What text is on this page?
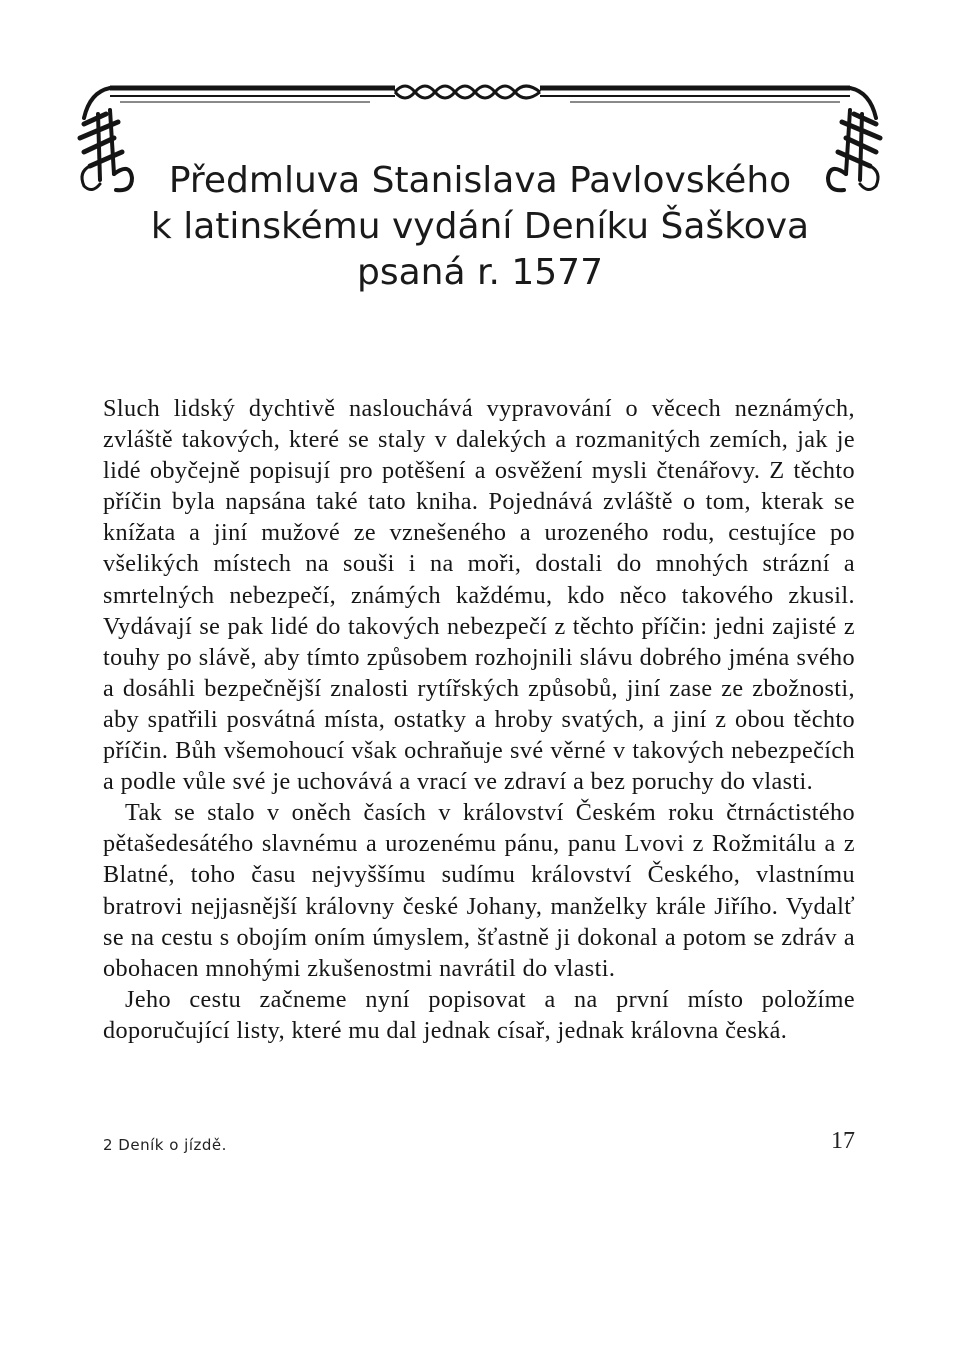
Předmluva Stanislava Pavlovského
k latinskému vydání Deníku Šaškova
psaná r. 1577

Sluch lidský dychtivě naslouchává vypravování o věcech neznámých, zvláště takových, které se staly v dalekých a rozmanitých zemích, jak je lidé obyčejně popisují pro potěšení a osvěžení mysli čtenářovy. Z těchto příčin byla napsána také tato kniha. Pojednává zvláště o tom, kterak se knížata a jiní mužové ze vznešeného a urozeného rodu, cestujíce po všelikých místech na souši i na moři, dostali do mnohých strázní a smrtelných nebezpečí, známých každému, kdo něco takového zkusil. Vydávají se pak lidé do takových nebezpečí z těchto příčin: jedni zajisté z touhy po slávě, aby tímto způsobem rozhojnili slávu dobrého jména svého a dosáhli bezpečnější znalosti rytířských způsobů, jiní zase ze zbožnosti, aby spatřili posvátná místa, ostatky a hroby svatých, a jiní z obou těchto příčin. Bůh všemohoucí však ochraňuje své věrné v takových nebezpečích a podle vůle své je uchovává a vrací ve zdraví a bez poruchy do vlasti.

Tak se stalo v oněch časích v království Českém roku čtrnáctistého pětašedesátého slavnému a urozenému pánu, panu Lvovi z Rožmitálu a z Blatné, toho času nejvyššímu sudímu království Českého, vlastnímu bratrovi nejjasnější královny české Johany, manželky krále Jiřího. Vydalť se na cestu s obojím oním úmyslem, šťastně ji dokonal a potom se zdráv a obohacen mnohými zkušenostmi navrátil do vlasti.

Jeho cestu začneme nyní popisovat a na první místo položíme doporučující listy, které mu dal jednak císař, jednak královna česká.

2 Deník o jízdě.	17
